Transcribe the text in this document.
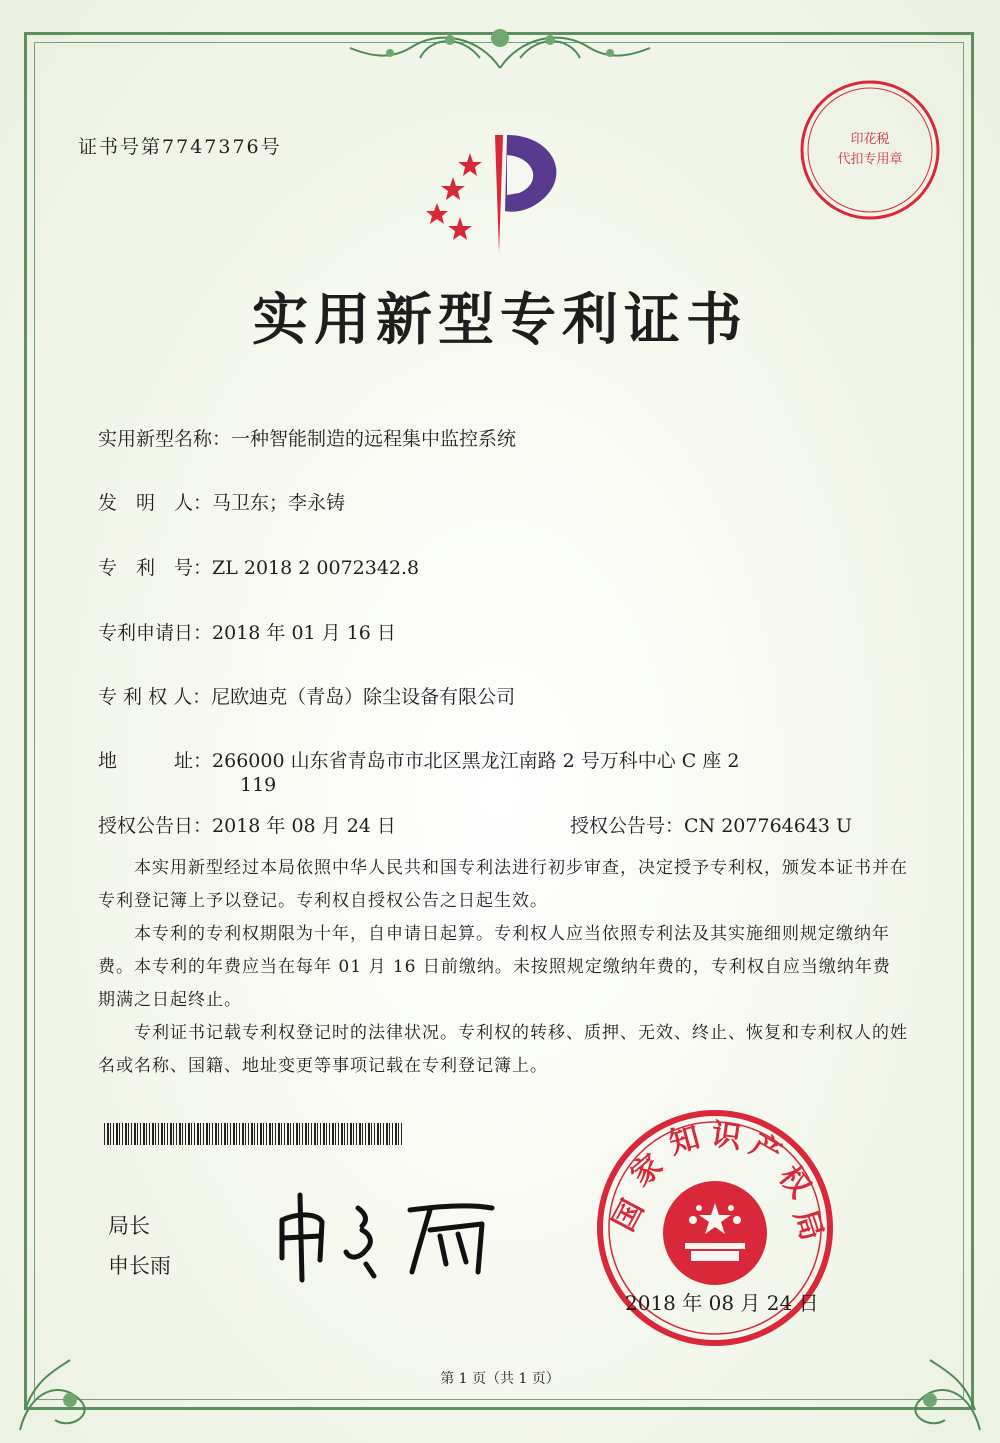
证书号第7747376号	印花税
代扣专用章
实用新型专利证书
实用新型名称：一种智能制造的远程集中监控系统
发　明　人：马卫东；李永铸
专　利　号：ZL 2018 2 0072342.8
专利申请日：2018 年 01 月 16 日
专 利 权 人：尼欧迪克（青岛）除尘设备有限公司
地　　　址：266000 山东省青岛市市北区黑龙江南路 2 号万科中心 C 座 2
119
授权公告日：2018 年 08 月 24 日	授权公告号：CN 207764643 U
本实用新型经过本局依照中华人民共和国专利法进行初步审查，决定授予专利权，颁发本证书并在专利登记簿上予以登记。专利权自授权公告之日起生效。
本专利的专利权期限为十年，自申请日起算。专利权人应当依照专利法及其实施细则规定缴纳年费。本专利的年费应当在每年 01 月 16 日前缴纳。未按照规定缴纳年费的，专利权自应当缴纳年费期满之日起终止。
专利证书记载专利权登记时的法律状况。专利权的转移、质押、无效、终止、恢复和专利权人的姓名或名称、国籍、地址变更等事项记载在专利登记簿上。
局长
申长雨
国
家
知 识 产
权
局
2018 年 08 月 24 日
第 1 页（共 1 页）
